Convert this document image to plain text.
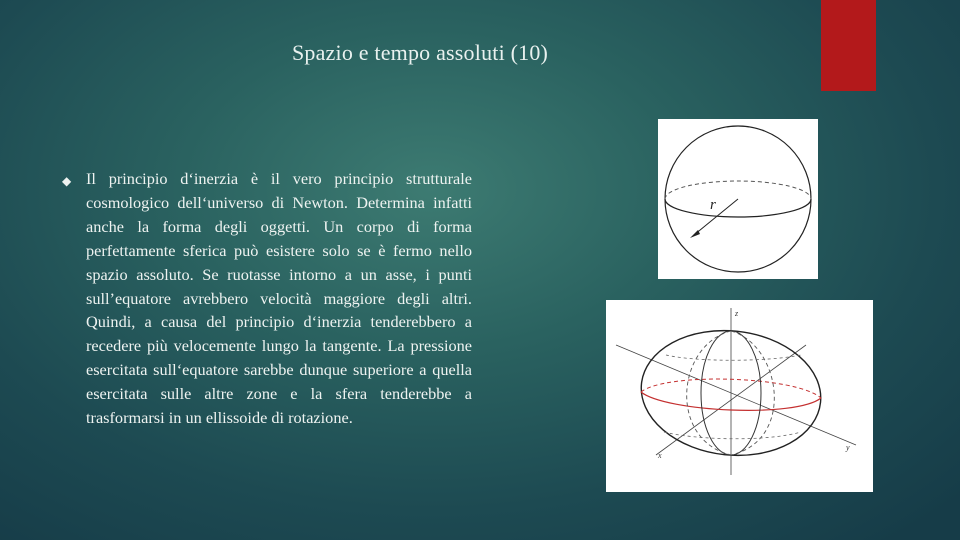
Spazio e tempo assoluti (10)
◆ Il principio d‘inerzia è il vero principio strutturale cosmologico dell‘universo di Newton. Determina infatti anche la forma degli oggetti. Un corpo di forma perfettamente sferica può esistere solo se è fermo nello spazio assoluto. Se ruotasse intorno a un asse, i punti sull’equatore avrebbero velocità maggiore degli altri. Quindi, a causa del principio d‘inerzia tenderebbero a recedere più velocemente lungo la tangente. La pressione esercitata sull‘equatore sarebbe dunque superiore a quella esercitata sulle altre zone e la sfera tenderebbe a trasformarsi in un ellissoide di rotazione.
r
z
y
x
